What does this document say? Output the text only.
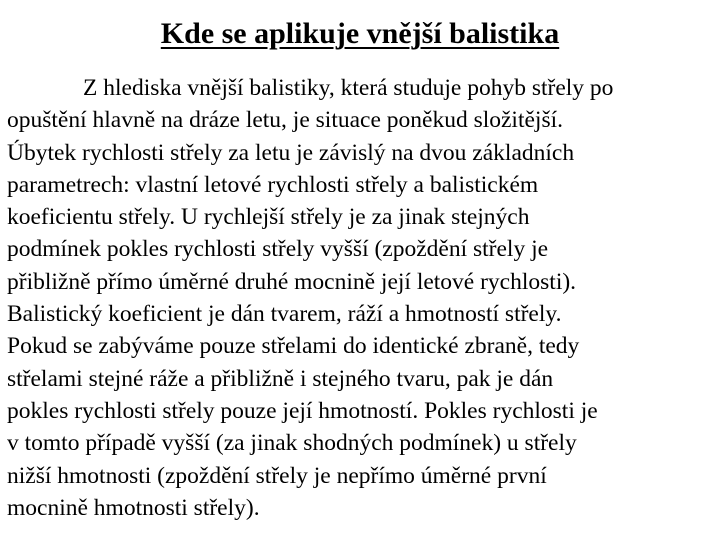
Kde se aplikuje vnější balistika
Z hlediska vnější balistiky, která studuje pohyb střely po
opuštění hlavně na dráze letu, je situace poněkud složitější.
Úbytek rychlosti střely za letu je závislý na dvou základních
parametrech: vlastní letové rychlosti střely a balistickém
koeficientu střely. U rychlejší střely je za jinak stejných
podmínek pokles rychlosti střely vyšší (zpoždění střely je
přibližně přímo úměrné druhé mocnině její letové rychlosti).
Balistický koeficient je dán tvarem, ráží a hmotností střely.
Pokud se zabýváme pouze střelami do identické zbraně, tedy
střelami stejné ráže a přibližně i stejného tvaru, pak je dán
pokles rychlosti střely pouze její hmotností. Pokles rychlosti je
v tomto případě vyšší (za jinak shodných podmínek) u střely
nižší hmotnosti (zpoždění střely je nepřímo úměrné první
mocnině hmotnosti střely).
